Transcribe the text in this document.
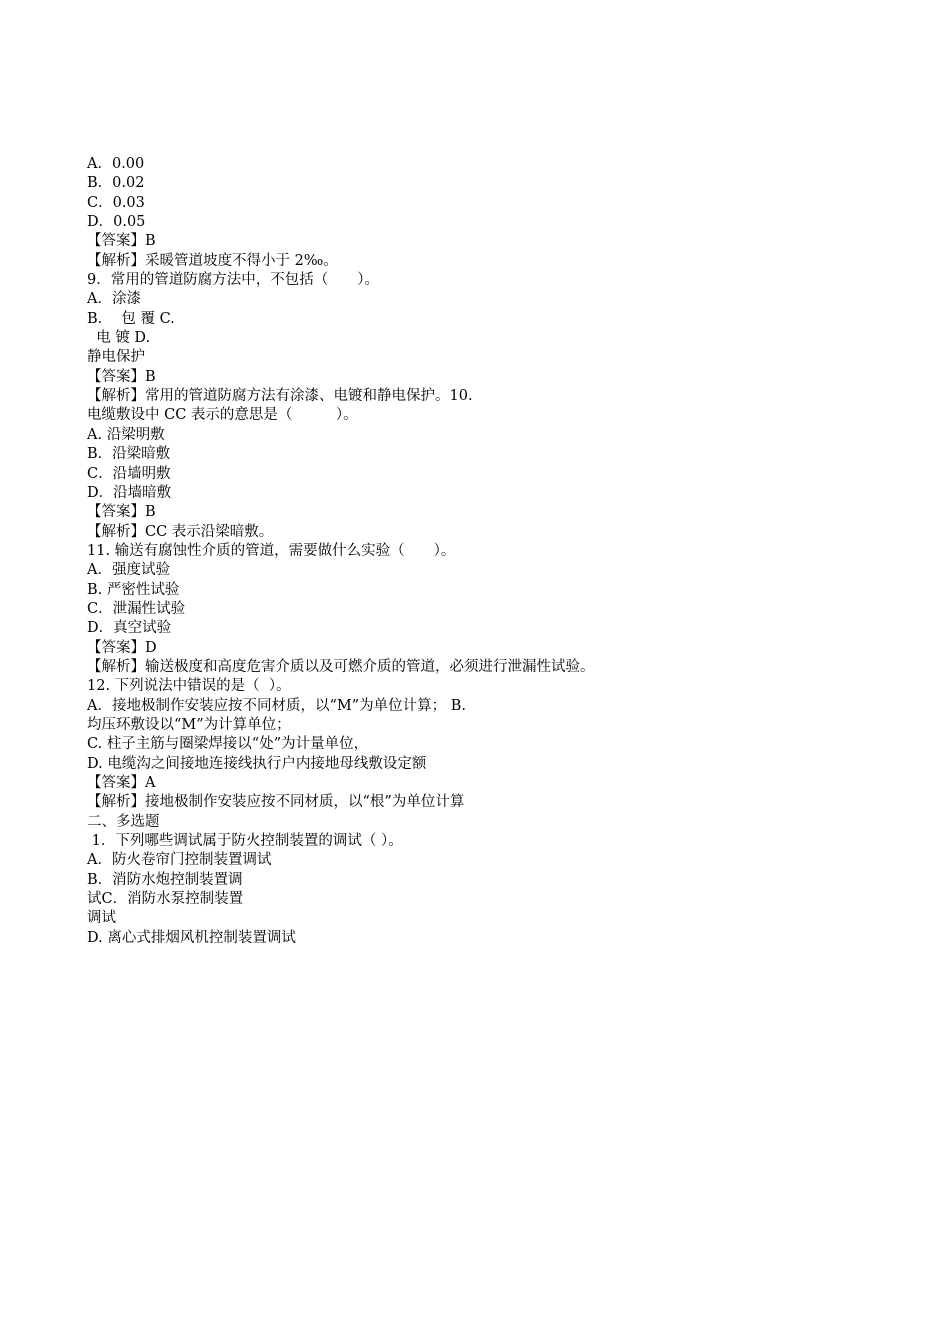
A．0.00
B．0.02
C．0.03
D．0.05
【答案】B
【解析】采暖管道坡度不得小于 2‰。
9．常用的管道防腐方法中，不包括（　　）。
A．涂漆
B．  包 覆 C.
电 镀 D.
静电保护
【答案】B
【解析】常用的管道防腐方法有涂漆、电镀和静电保护。10.
电缆敷设中 CC 表示的意思是（　　　）。
A. 沿梁明敷
B．沿梁暗敷
C．沿墙明敷
D．沿墙暗敷
【答案】B
【解析】CC 表示沿梁暗敷。
11. 输送有腐蚀性介质的管道，需要做什么实验（　　）。
A．强度试验
B. 严密性试验
C．泄漏性试验
D．真空试验
【答案】D
【解析】输送极度和高度危害介质以及可燃介质的管道，必须进行泄漏性试验。
12. 下列说法中错误的是（  ）。
A．接地极制作安装应按不同材质，以“M”为单位计算； B.
均压环敷设以“M”为计算单位；
C. 柱子主筋与圈梁焊接以“处”为计量单位，
D. 电缆沟之间接地连接线执行户内接地母线敷设定额
【答案】A
【解析】接地极制作安装应按不同材质，以“根”为单位计算
二、多选题
1．下列哪些调试属于防火控制装置的调试（ ）。
A．防火卷帘门控制装置调试
B．消防水炮控制装置调
试C．消防水泵控制装置
调试
D. 离心式排烟风机控制装置调试
